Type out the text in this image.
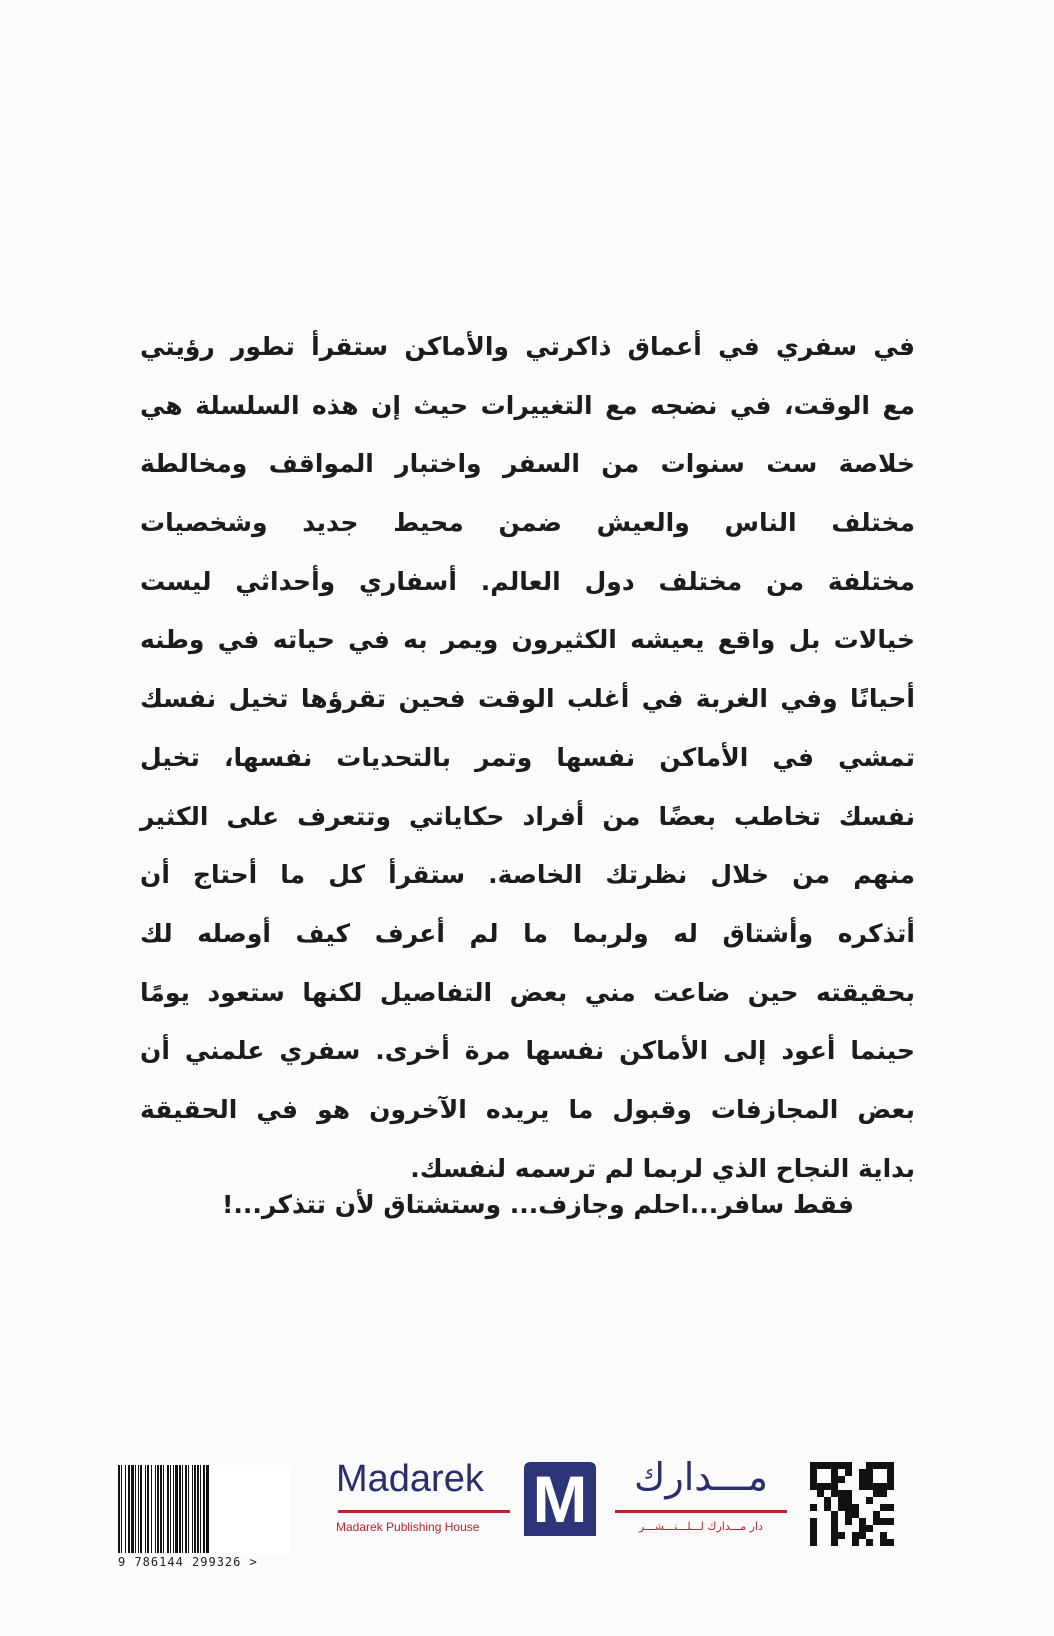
في سفري في أعماق ذاكرتي والأماكن ستقرأ تطور رؤيتي
مع الوقت، في نضجه مع التغييرات حيث إن هذه السلسلة هي
خلاصة ست سنوات من السفر واختبار المواقف ومخالطة
مختلف الناس والعيش ضمن محيط جديد وشخصيات
مختلفة من مختلف دول العالم. أسفاري وأحداثي ليست
خيالات بل واقع يعيشه الكثيرون ويمر به في حياته في وطنه
أحيانًا وفي الغربة في أغلب الوقت فحين تقرؤها تخيل نفسك
تمشي في الأماكن نفسها وتمر بالتحديات نفسها، تخيل
نفسك تخاطب بعضًا من أفراد حكاياتي وتتعرف على الكثير
منهم من خلال نظرتك الخاصة. ستقرأ كل ما أحتاج أن
أتذكره وأشتاق له ولربما ما لم أعرف كيف أوصله لك
بحقيقته حين ضاعت مني بعض التفاصيل لكنها ستعود يومًا
حينما أعود إلى الأماكن نفسها مرة أخرى. سفري علمني أن
بعض المجازفات وقبول ما يريده الآخرون هو في الحقيقة
بداية النجاح الذي لربما لم ترسمه لنفسك.
فقط سافر...احلم وجازف... وستشتاق لأن تتذكر...!
9 786144 299326 >
Madarek
Madarek Publishing House M	مـــدارك
دار مـــدارك لـــلـــنـــشـــر
